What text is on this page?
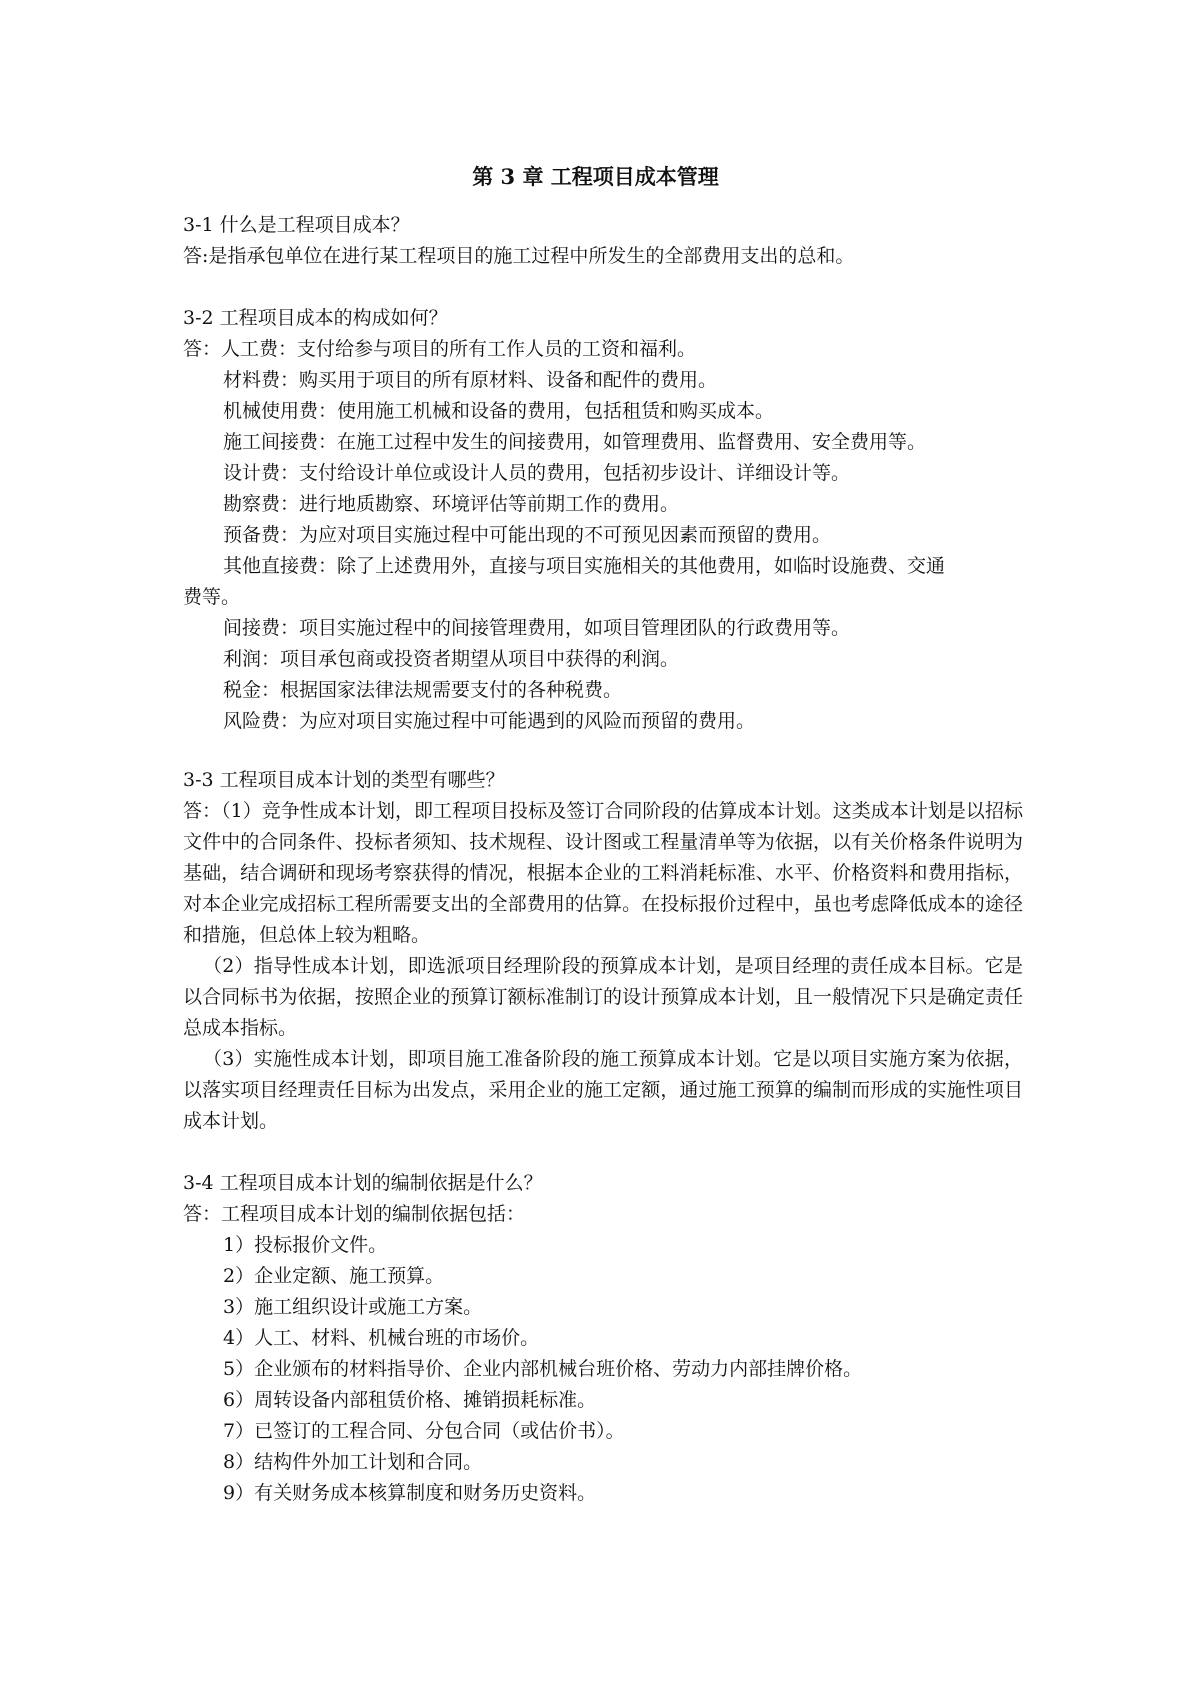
第 3 章 工程项目成本管理
3-1 什么是工程项目成本？
答:是指承包单位在进行某工程项目的施工过程中所发生的全部费用支出的总和。
3-2 工程项目成本的构成如何？
答：人工费：支付给参与项目的所有工作人员的工资和福利。
材料费：购买用于项目的所有原材料、设备和配件的费用。
机械使用费：使用施工机械和设备的费用，包括租赁和购买成本。
施工间接费：在施工过程中发生的间接费用，如管理费用、监督费用、安全费用等。
设计费：支付给设计单位或设计人员的费用，包括初步设计、详细设计等。
勘察费：进行地质勘察、环境评估等前期工作的费用。
预备费：为应对项目实施过程中可能出现的不可预见因素而预留的费用。
其他直接费：除了上述费用外，直接与项目实施相关的其他费用，如临时设施费、交通
费等。
间接费：项目实施过程中的间接管理费用，如项目管理团队的行政费用等。
利润：项目承包商或投资者期望从项目中获得的利润。
税金：根据国家法律法规需要支付的各种税费。
风险费：为应对项目实施过程中可能遇到的风险而预留的费用。
3-3 工程项目成本计划的类型有哪些？
答：（1）竞争性成本计划，即工程项目投标及签订合同阶段的估算成本计划。这类成本计划是以招标文件中的合同条件、投标者须知、技术规程、设计图或工程量清单等为依据，以有关价格条件说明为基础，结合调研和现场考察获得的情况，根据本企业的工料消耗标准、水平、价格资料和费用指标，对本企业完成招标工程所需要支出的全部费用的估算。在投标报价过程中，虽也考虑降低成本的途径和措施，但总体上较为粗略。
（2）指导性成本计划，即选派项目经理阶段的预算成本计划，是项目经理的责任成本目标。它是以合同标书为依据，按照企业的预算订额标准制订的设计预算成本计划，且一般情况下只是确定责任总成本指标。
（3）实施性成本计划，即项目施工准备阶段的施工预算成本计划。它是以项目实施方案为依据，以落实项目经理责任目标为出发点，采用企业的施工定额，通过施工预算的编制而形成的实施性项目成本计划。
3-4 工程项目成本计划的编制依据是什么？
答：工程项目成本计划的编制依据包括：
1）投标报价文件。
2）企业定额、施工预算。
3）施工组织设计或施工方案。
4）人工、材料、机械台班的市场价。
5）企业颁布的材料指导价、企业内部机械台班价格、劳动力内部挂牌价格。
6）周转设备内部租赁价格、摊销损耗标准。
7）已签订的工程合同、分包合同（或估价书）。
8）结构件外加工计划和合同。
9）有关财务成本核算制度和财务历史资料。
